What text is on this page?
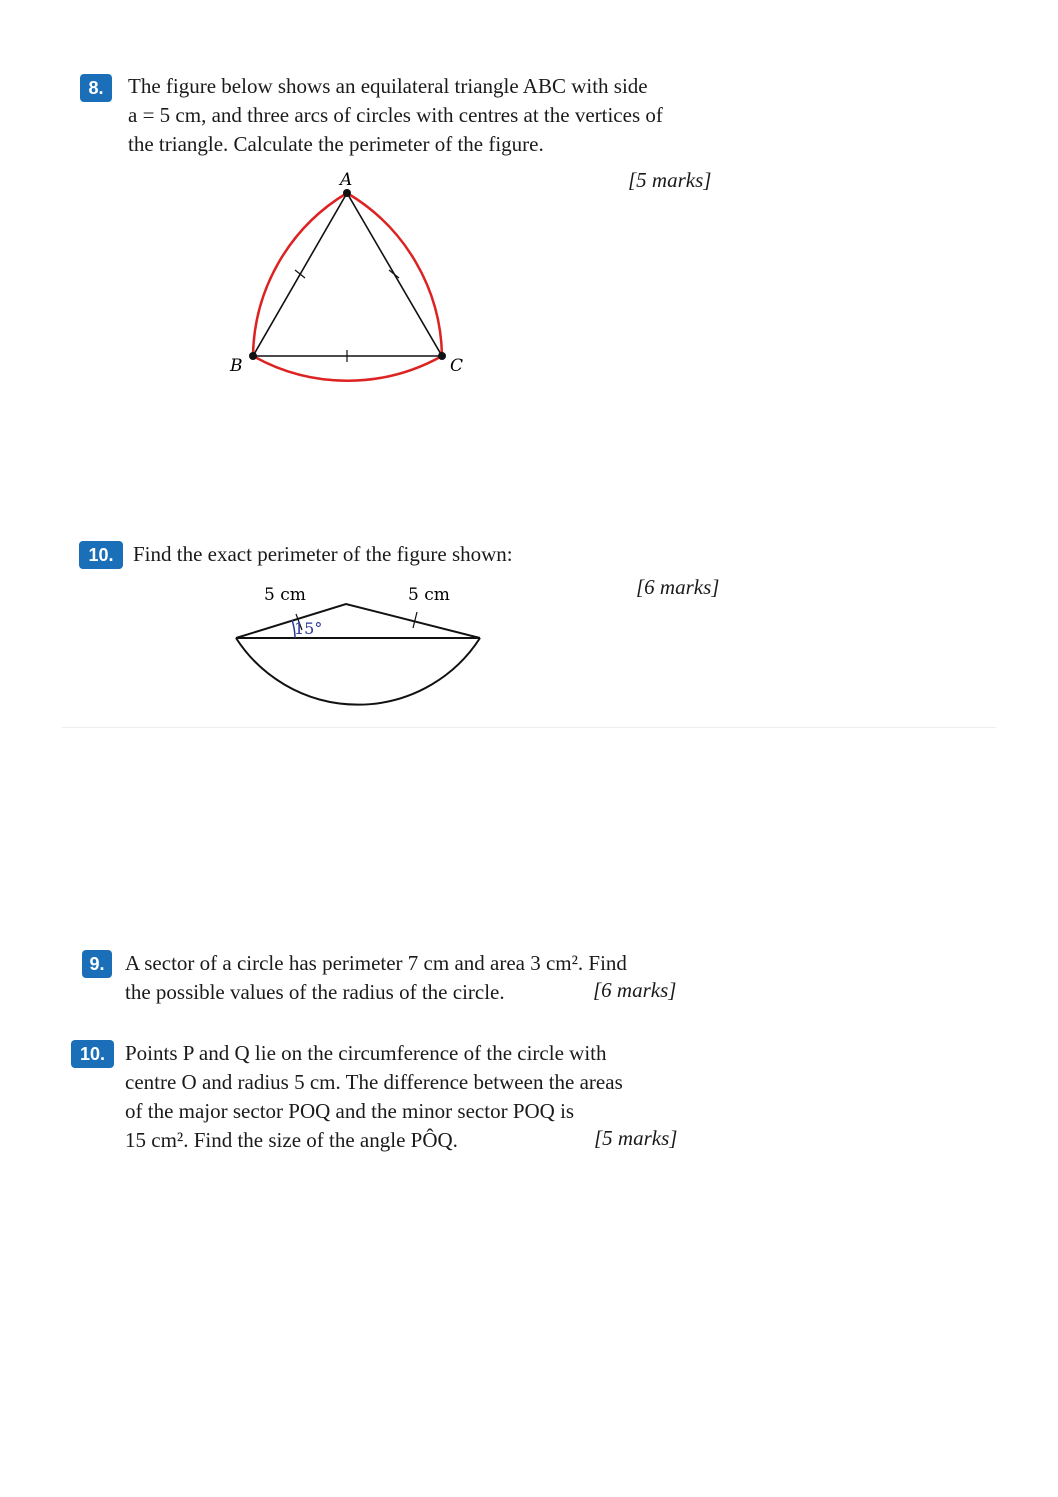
8.	The figure below shows an equilateral triangle ABC with side
a = 5 cm, and three arcs of circles with centres at the vertices of
the triangle. Calculate the perimeter of the figure.
[5 marks]
A
B	C
10. Find the exact perimeter of the figure shown:
[6 marks]
5 cm	5 cm
15°
9. A sector of a circle has perimeter 7 cm and area 3 cm². Find
the possible values of the radius of the circle.	[6 marks]
10. Points P and Q lie on the circumference of the circle with
centre O and radius 5 cm. The difference between the areas
of the major sector POQ and the minor sector POQ is
15 cm². Find the size of the angle PÔQ.	[5 marks]
